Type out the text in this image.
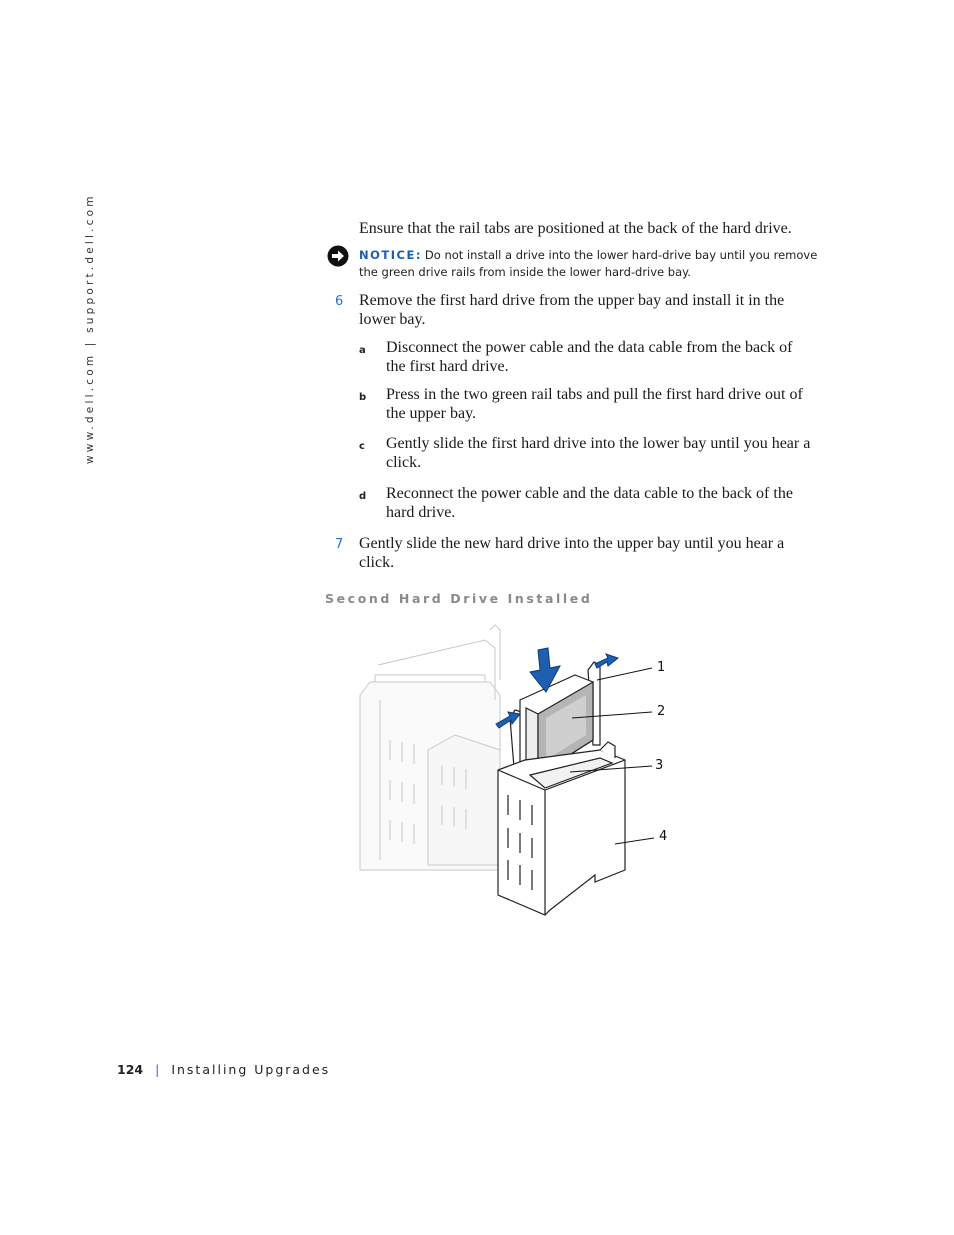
www.dell.com | support.dell.com	Ensure that the rail tabs are positioned at the back of the hard drive.
NOTICE: Do not install a drive into the lower hard-drive bay until you remove the green drive rails from inside the lower hard-drive bay.
6 Remove the first hard drive from the upper bay and install it in the lower bay.
a Disconnect the power cable and the data cable from the back of the first hard drive.
b Press in the two green rail tabs and pull the first hard drive out of the upper bay.
c Gently slide the first hard drive into the lower bay until you hear a click.
d Reconnect the power cable and the data cable to the back of the hard drive.
7 Gently slide the new hard drive into the upper bay until you hear a click.
Second Hard Drive Installed
1
2
3
4
124 | Installing Upgrades
